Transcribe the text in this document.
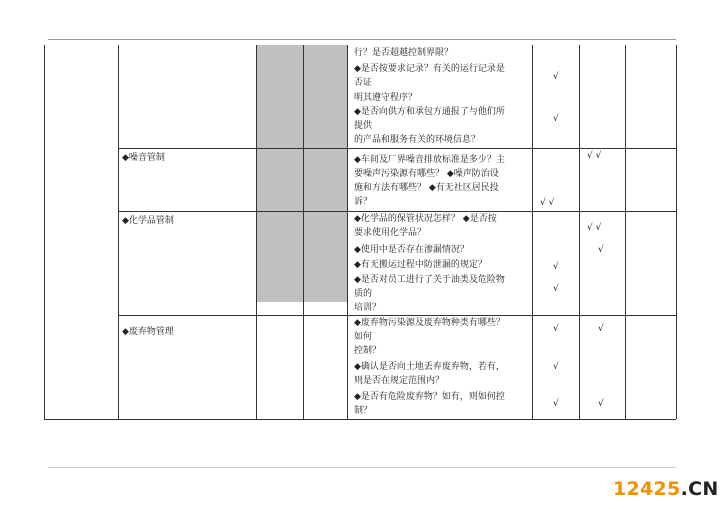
◆噪音管制
◆化学品管制
◆废弃物管理
行？是否超越控制界限？
◆是否按要求记录？有关的运行记录是
否证
明其遵守程序？
◆是否向供方和承包方通报了与他们所
提供
的产品和服务有关的环境信息？
◆车间及厂界噪音排放标准是多少？主
要噪声污染源有哪些？ ◆噪声防治设
施和方法有哪些？ ◆有无社区居民投
诉？
◆化学品的保管状况怎样？ ◆是否按
要求使用化学品？
◆使用中是否存在渗漏情况？
◆有无搬运过程中防泄漏的规定？
◆是否对员工进行了关于油类及危险物
质的
培训？
◆废弃物污染源及废弃物种类有哪些？
如何
控制？
◆确认是否向土地丢弃废弃物，若有，
则是否在规定范围内？
◆是否有危险废弃物？如有，则如何控
制？
√
√
√ √
√ √
√ √
√
√
√
√	√
√
√	√
12425.CN
